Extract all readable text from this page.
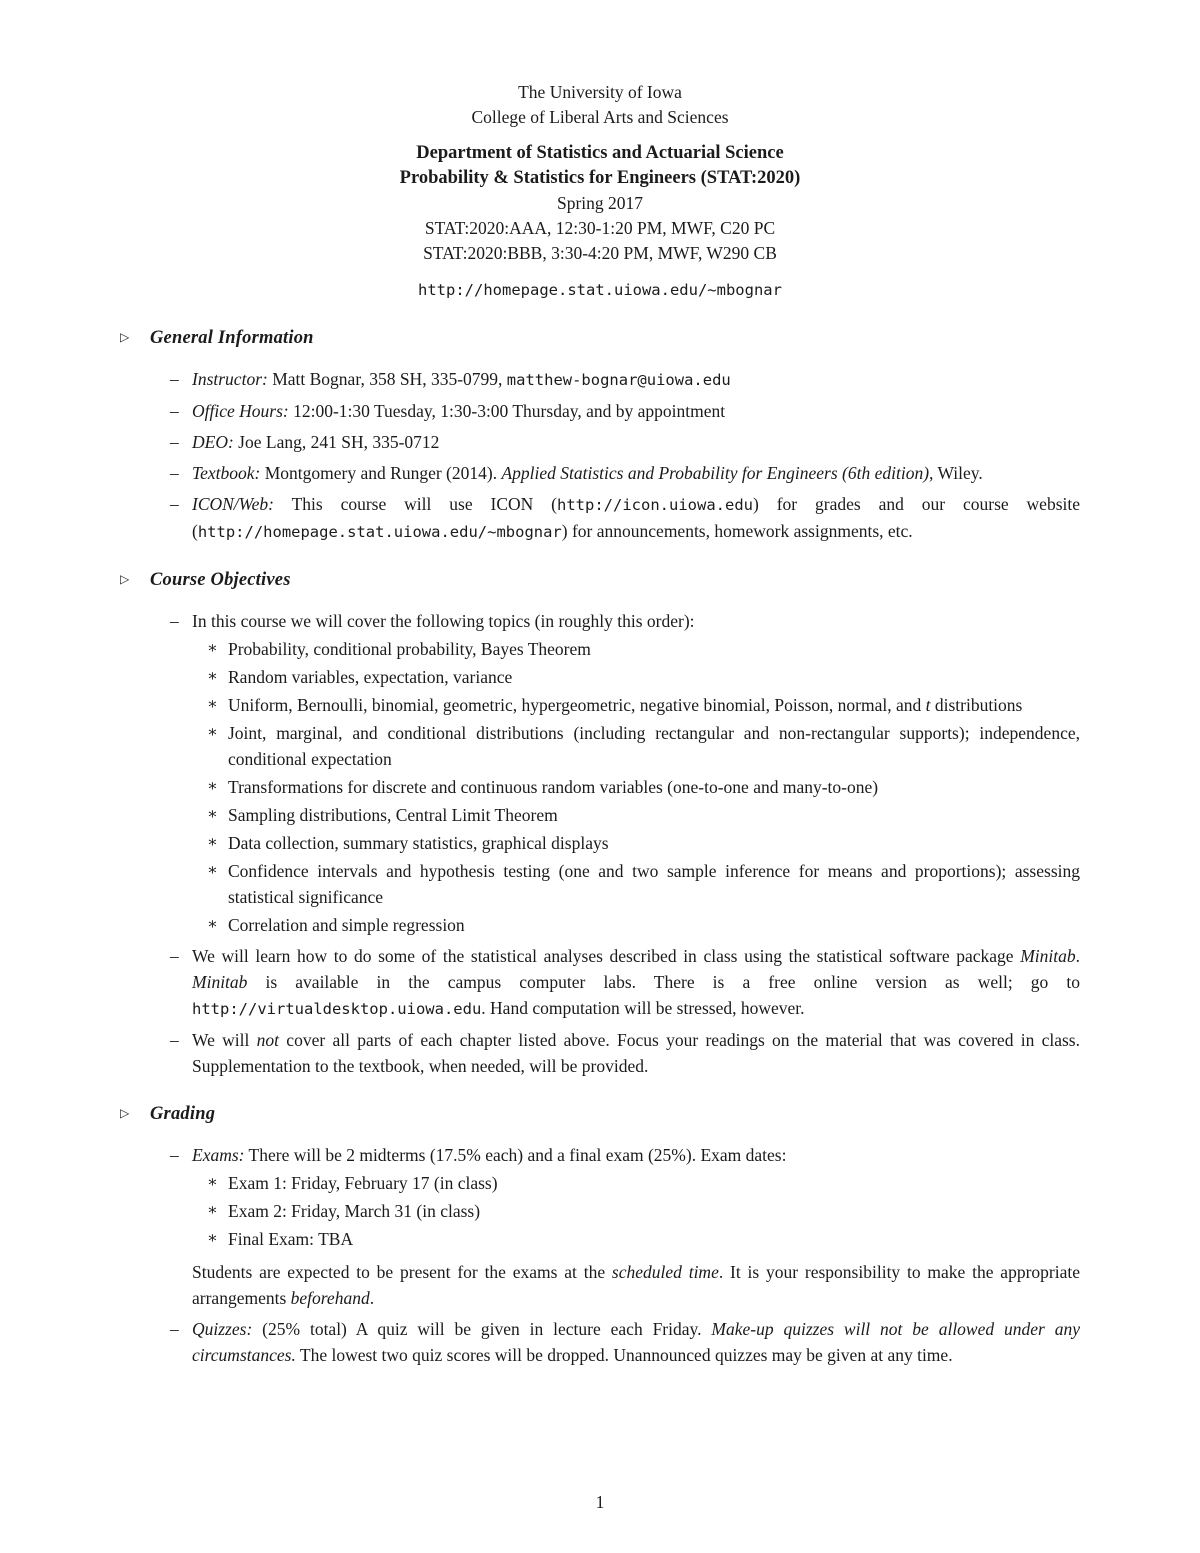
The University of Iowa
College of Liberal Arts and Sciences
Department of Statistics and Actuarial Science
Probability & Statistics for Engineers (STAT:2020)
Spring 2017
STAT:2020:AAA, 12:30-1:20 PM, MWF, C20 PC
STAT:2020:BBB, 3:30-4:20 PM, MWF, W290 CB
http://homepage.stat.uiowa.edu/~mbognar
▷ General Information
– Instructor: Matt Bognar, 358 SH, 335-0799, matthew-bognar@uiowa.edu
– Office Hours: 12:00-1:30 Tuesday, 1:30-3:00 Thursday, and by appointment
– DEO: Joe Lang, 241 SH, 335-0712
– Textbook: Montgomery and Runger (2014). Applied Statistics and Probability for Engineers (6th edition), Wiley.
– ICON/Web: This course will use ICON (http://icon.uiowa.edu) for grades and our course website (http://homepage.stat.uiowa.edu/~mbognar) for announcements, homework assignments, etc.
▷ Course Objectives
– In this course we will cover the following topics (in roughly this order):
∗ Probability, conditional probability, Bayes Theorem
∗ Random variables, expectation, variance
∗ Uniform, Bernoulli, binomial, geometric, hypergeometric, negative binomial, Poisson, normal, and t distributions
∗ Joint, marginal, and conditional distributions (including rectangular and non-rectangular supports); independence, conditional expectation
∗ Transformations for discrete and continuous random variables (one-to-one and many-to-one)
∗ Sampling distributions, Central Limit Theorem
∗ Data collection, summary statistics, graphical displays
∗ Confidence intervals and hypothesis testing (one and two sample inference for means and proportions); assessing statistical significance
∗ Correlation and simple regression
– We will learn how to do some of the statistical analyses described in class using the statistical software package Minitab. Minitab is available in the campus computer labs. There is a free online version as well; go to http://virtualdesktop.uiowa.edu. Hand computation will be stressed, however.
– We will not cover all parts of each chapter listed above. Focus your readings on the material that was covered in class. Supplementation to the textbook, when needed, will be provided.
▷ Grading
– Exams: There will be 2 midterms (17.5% each) and a final exam (25%). Exam dates:
∗ Exam 1: Friday, February 17 (in class)
∗ Exam 2: Friday, March 31 (in class)
∗ Final Exam: TBA
Students are expected to be present for the exams at the scheduled time. It is your responsibility to make the appropriate arrangements beforehand.
– Quizzes: (25% total) A quiz will be given in lecture each Friday. Make-up quizzes will not be allowed under any circumstances. The lowest two quiz scores will be dropped. Unannounced quizzes may be given at any time.
1
